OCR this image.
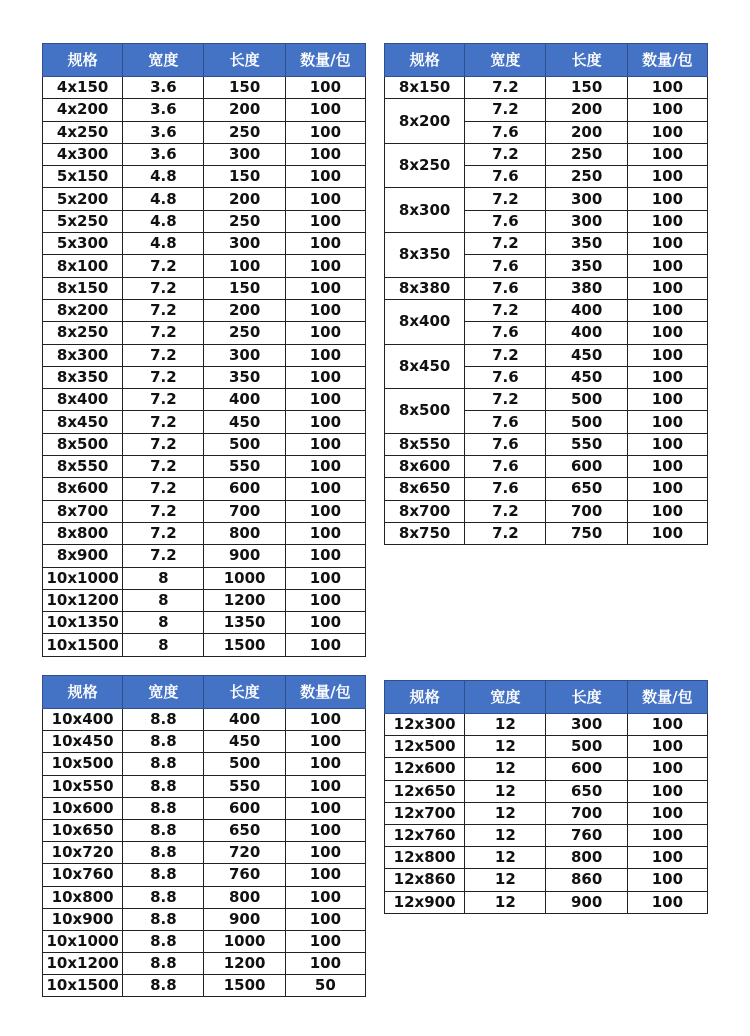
规格	宽度	长度	数量/包
4x150	3.6	150	100
4x200	3.6	200	100
4x250	3.6	250	100
4x300	3.6	300	100
5x150	4.8	150	100
5x200	4.8	200	100
5x250	4.8	250	100
5x300	4.8	300	100
8x100	7.2	100	100
8x150	7.2	150	100
8x200	7.2	200	100
8x250	7.2	250	100
8x300	7.2	300	100
8x350	7.2	350	100
8x400	7.2	400	100
8x450	7.2	450	100
8x500	7.2	500	100
8x550	7.2	550	100
8x600	7.2	600	100
8x700	7.2	700	100
8x800	7.2	800	100
8x900	7.2	900	100
10x1000	8	1000	100
10x1200	8	1200	100
10x1350	8	1350	100
10x1500	8	1500	100
规格	宽度	长度	数量/包
8x150	7.2	150	100
8x200	7.2	200	100
	7.6	200	100
8x250	7.2	250	100
	7.6	250	100
8x300	7.2	300	100
	7.6	300	100
8x350	7.2	350	100
	7.6	350	100
8x380	7.6	380	100
8x400	7.2	400	100
	7.6	400	100
8x450	7.2	450	100
	7.6	450	100
8x500	7.2	500	100
	7.6	500	100
8x550	7.6	550	100
8x600	7.6	600	100
8x650	7.6	650	100
8x700	7.2	700	100
8x750	7.2	750	100
规格	宽度	长度	数量/包
10x400	8.8	400	100
10x450	8.8	450	100
10x500	8.8	500	100
10x550	8.8	550	100
10x600	8.8	600	100
10x650	8.8	650	100
10x720	8.8	720	100
10x760	8.8	760	100
10x800	8.8	800	100
10x900	8.8	900	100
10x1000	8.8	1000	100
10x1200	8.8	1200	100
10x1500	8.8	1500	50
规格	宽度	长度	数量/包
12x300	12	300	100
12x500	12	500	100
12x600	12	600	100
12x650	12	650	100
12x700	12	700	100
12x760	12	760	100
12x800	12	800	100
12x860	12	860	100
12x900	12	900	100
